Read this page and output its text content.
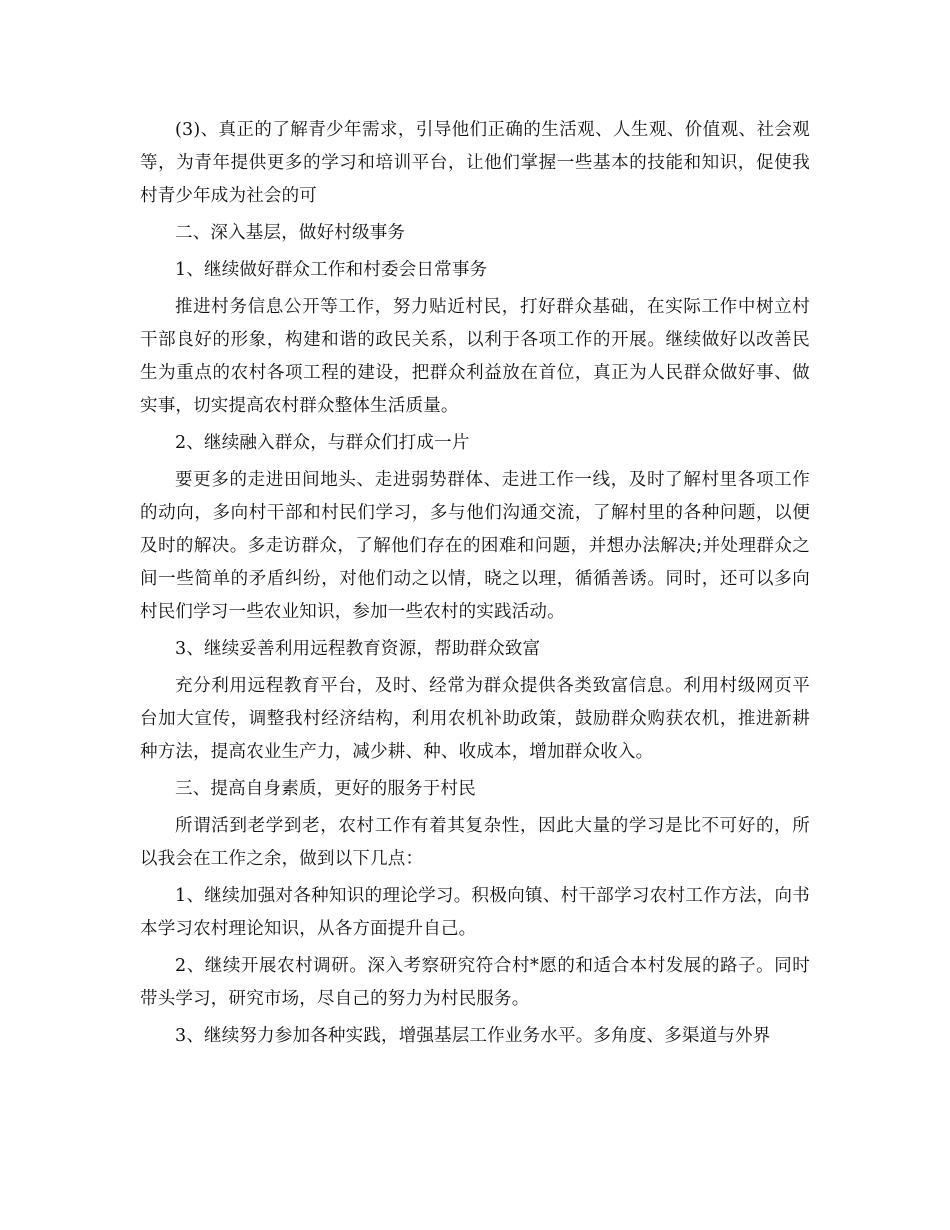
(3)、真正的了解青少年需求，引导他们正确的生活观、人生观、价值观、社会观等，为青年提供更多的学习和培训平台，让他们掌握一些基本的技能和知识，促使我村青少年成为社会的可

二、深入基层，做好村级事务

1、继续做好群众工作和村委会日常事务

推进村务信息公开等工作，努力贴近村民，打好群众基础，在实际工作中树立村干部良好的形象，构建和谐的政民关系，以利于各项工作的开展。继续做好以改善民生为重点的农村各项工程的建设，把群众利益放在首位，真正为人民群众做好事、做实事，切实提高农村群众整体生活质量。

2、继续融入群众，与群众们打成一片

要更多的走进田间地头、走进弱势群体、走进工作一线，及时了解村里各项工作的动向，多向村干部和村民们学习，多与他们沟通交流，了解村里的各种问题，以便及时的解决。多走访群众，了解他们存在的困难和问题，并想办法解决;并处理群众之间一些简单的矛盾纠纷，对他们动之以情，晓之以理，循循善诱。同时，还可以多向村民们学习一些农业知识，参加一些农村的实践活动。

3、继续妥善利用远程教育资源，帮助群众致富

充分利用远程教育平台，及时、经常为群众提供各类致富信息。利用村级网页平台加大宣传，调整我村经济结构，利用农机补助政策，鼓励群众购获农机，推进新耕种方法，提高农业生产力，减少耕、种、收成本，增加群众收入。

三、提高自身素质，更好的服务于村民

所谓活到老学到老，农村工作有着其复杂性，因此大量的学习是比不可好的，所以我会在工作之余，做到以下几点：

1、继续加强对各种知识的理论学习。积极向镇、村干部学习农村工作方法，向书本学习农村理论知识，从各方面提升自己。

2、继续开展农村调研。深入考察研究符合村*愿的和适合本村发展的路子。同时带头学习，研究市场，尽自己的努力为村民服务。

3、继续努力参加各种实践，增强基层工作业务水平。多角度、多渠道与外界
